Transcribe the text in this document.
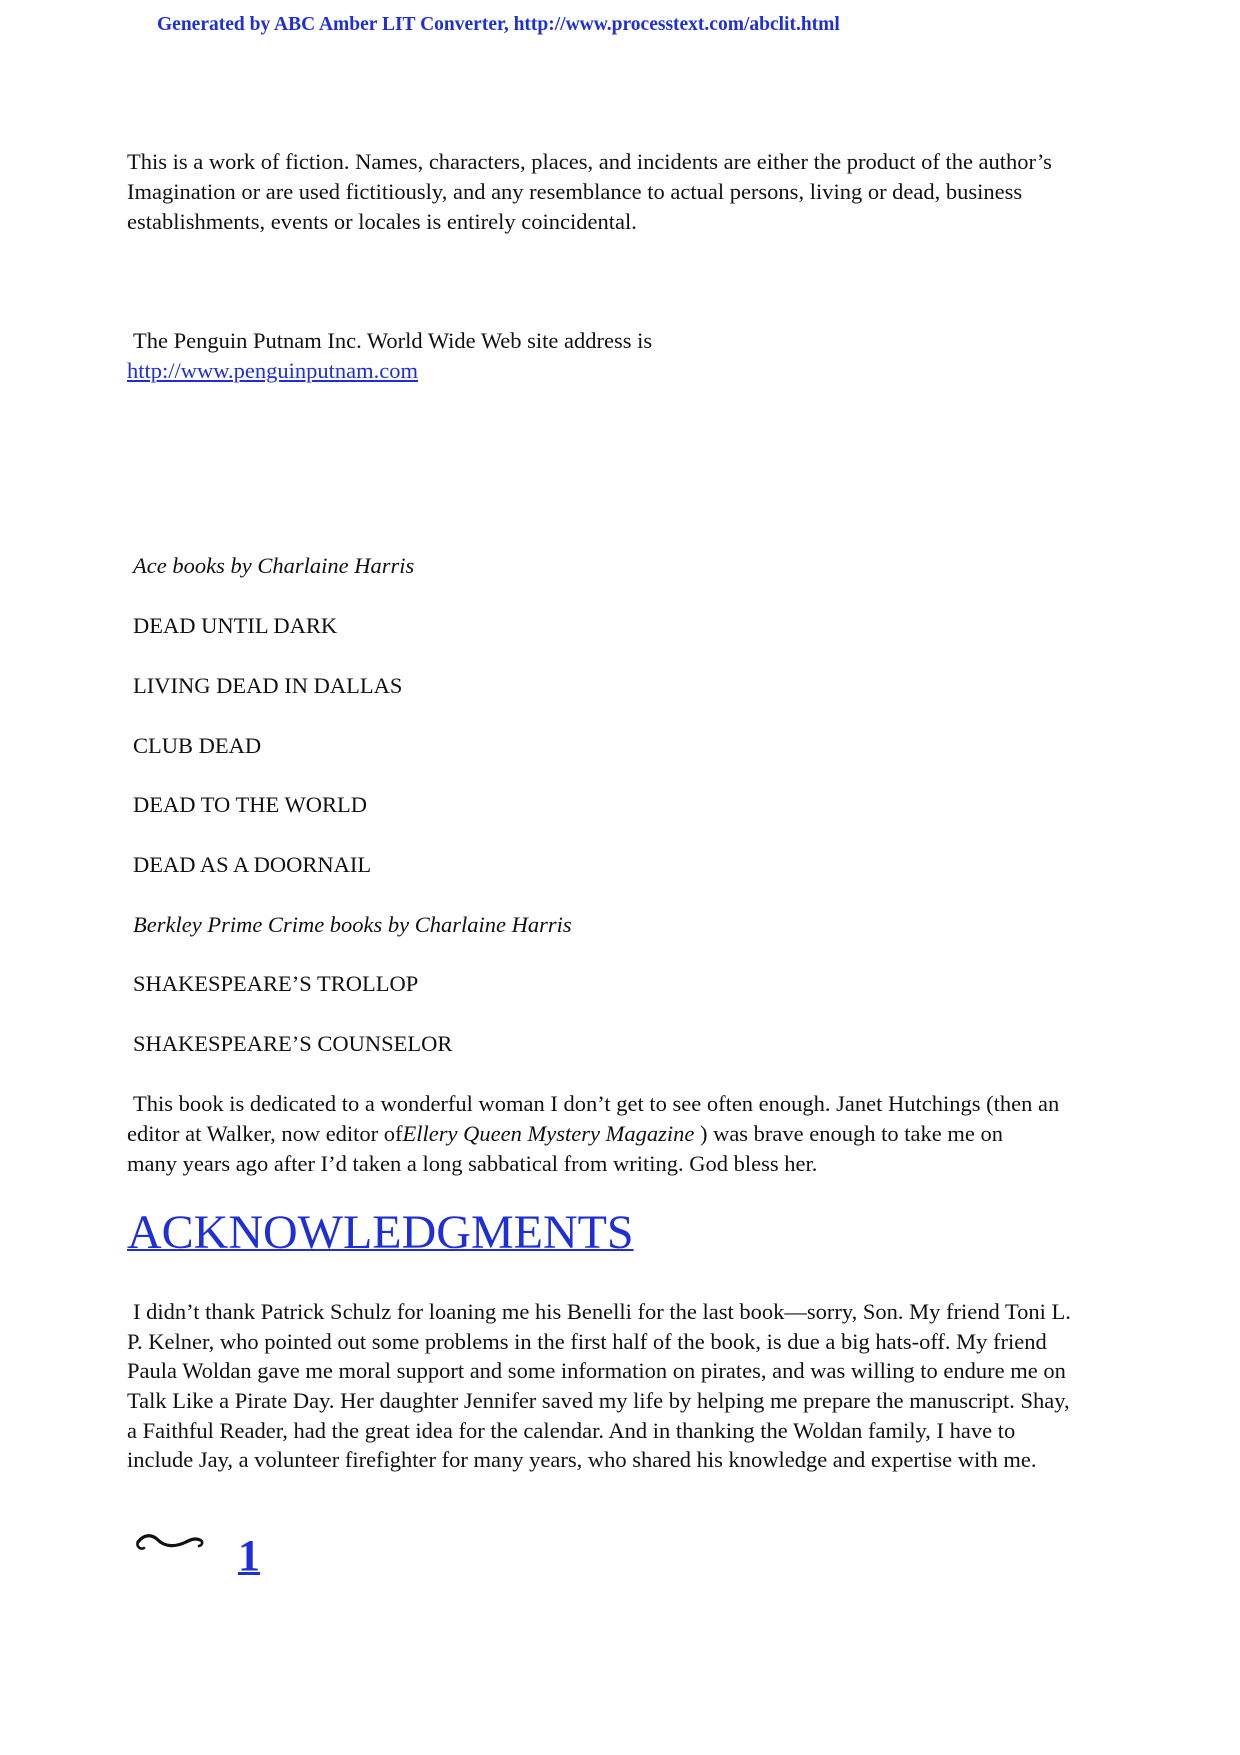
Generated by ABC Amber LIT Converter, http://www.processtext.com/abclit.html
This is a work of fiction. Names, characters, places, and incidents are either the product of the author’s
Imagination or are used fictitiously, and any resemblance to actual persons, living or dead, business
establishments, events or locales is entirely coincidental.
The Penguin Putnam Inc. World Wide Web site address is
http://www.penguinputnam.com
Ace books by Charlaine Harris
DEAD UNTIL DARK
LIVING DEAD IN DALLAS
CLUB DEAD
DEAD TO THE WORLD
DEAD AS A DOORNAIL
Berkley Prime Crime books by Charlaine Harris
SHAKESPEARE’S TROLLOP
SHAKESPEARE’S COUNSELOR
This book is dedicated to a wonderful woman I don’t get to see often enough. Janet Hutchings (then an
editor at Walker, now editor ofEllery Queen Mystery Magazine ) was brave enough to take me on
many years ago after I’d taken a long sabbatical from writing. God bless her.
ACKNOWLEDGMENTS
I didn’t thank Patrick Schulz for loaning me his Benelli for the last book—sorry, Son. My friend Toni L.
P. Kelner, who pointed out some problems in the first half of the book, is due a big hats-off. My friend
Paula Woldan gave me moral support and some information on pirates, and was willing to endure me on
Talk Like a Pirate Day. Her daughter Jennifer saved my life by helping me prepare the manuscript. Shay,
a Faithful Reader, had the great idea for the calendar. And in thanking the Woldan family, I have to
include Jay, a volunteer firefighter for many years, who shared his knowledge and expertise with me.
1
